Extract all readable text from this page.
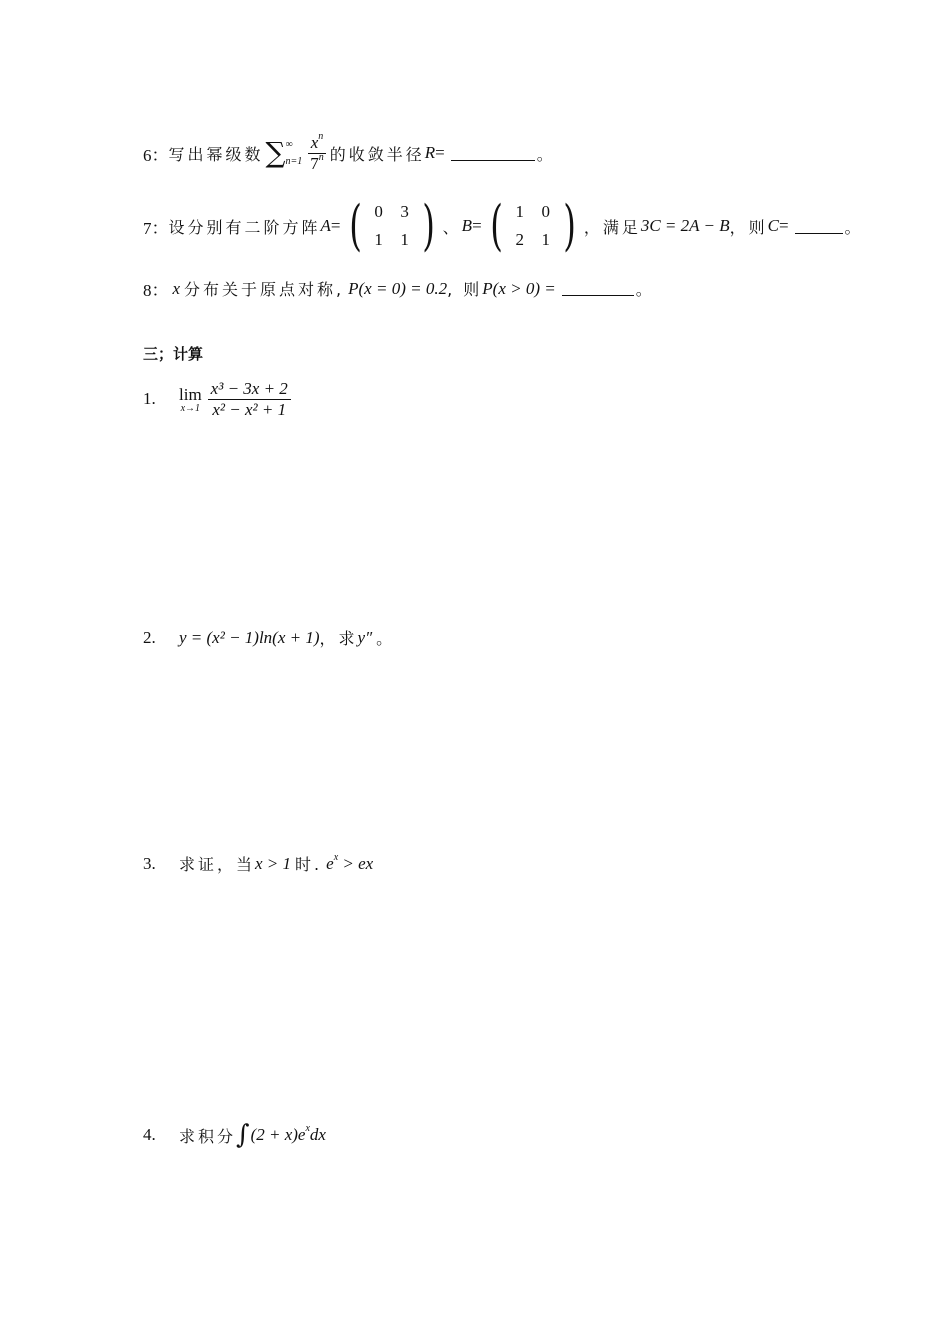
6： 写出幂级数 ∑ ∞
$n=1 \frac{x^n}{7^n}$ 的收敛半径 R =	。
7： 设分别有二阶方阵 A = ( 0	3
1	1 ) 、 B = ( 1	0
2	1 ) ，满足 3C = 2A − B ，则 C =	。
8： x 分布关于原点对称, P(x = 0) = 0.2 , 则 P(x > 0) =	。
三；计算
1.	lim
$x\to 1 \frac{\text{x³ − 3x + 2}}{\text{x² − x² + 1}}$
2.	y = (x² − 1)ln(x + 1) ，求 y″ 。
3.	求证，当 x > 1 时. $e^x$ > ex
4.	求积分 ∫ $(2 + x)e^xdx$
